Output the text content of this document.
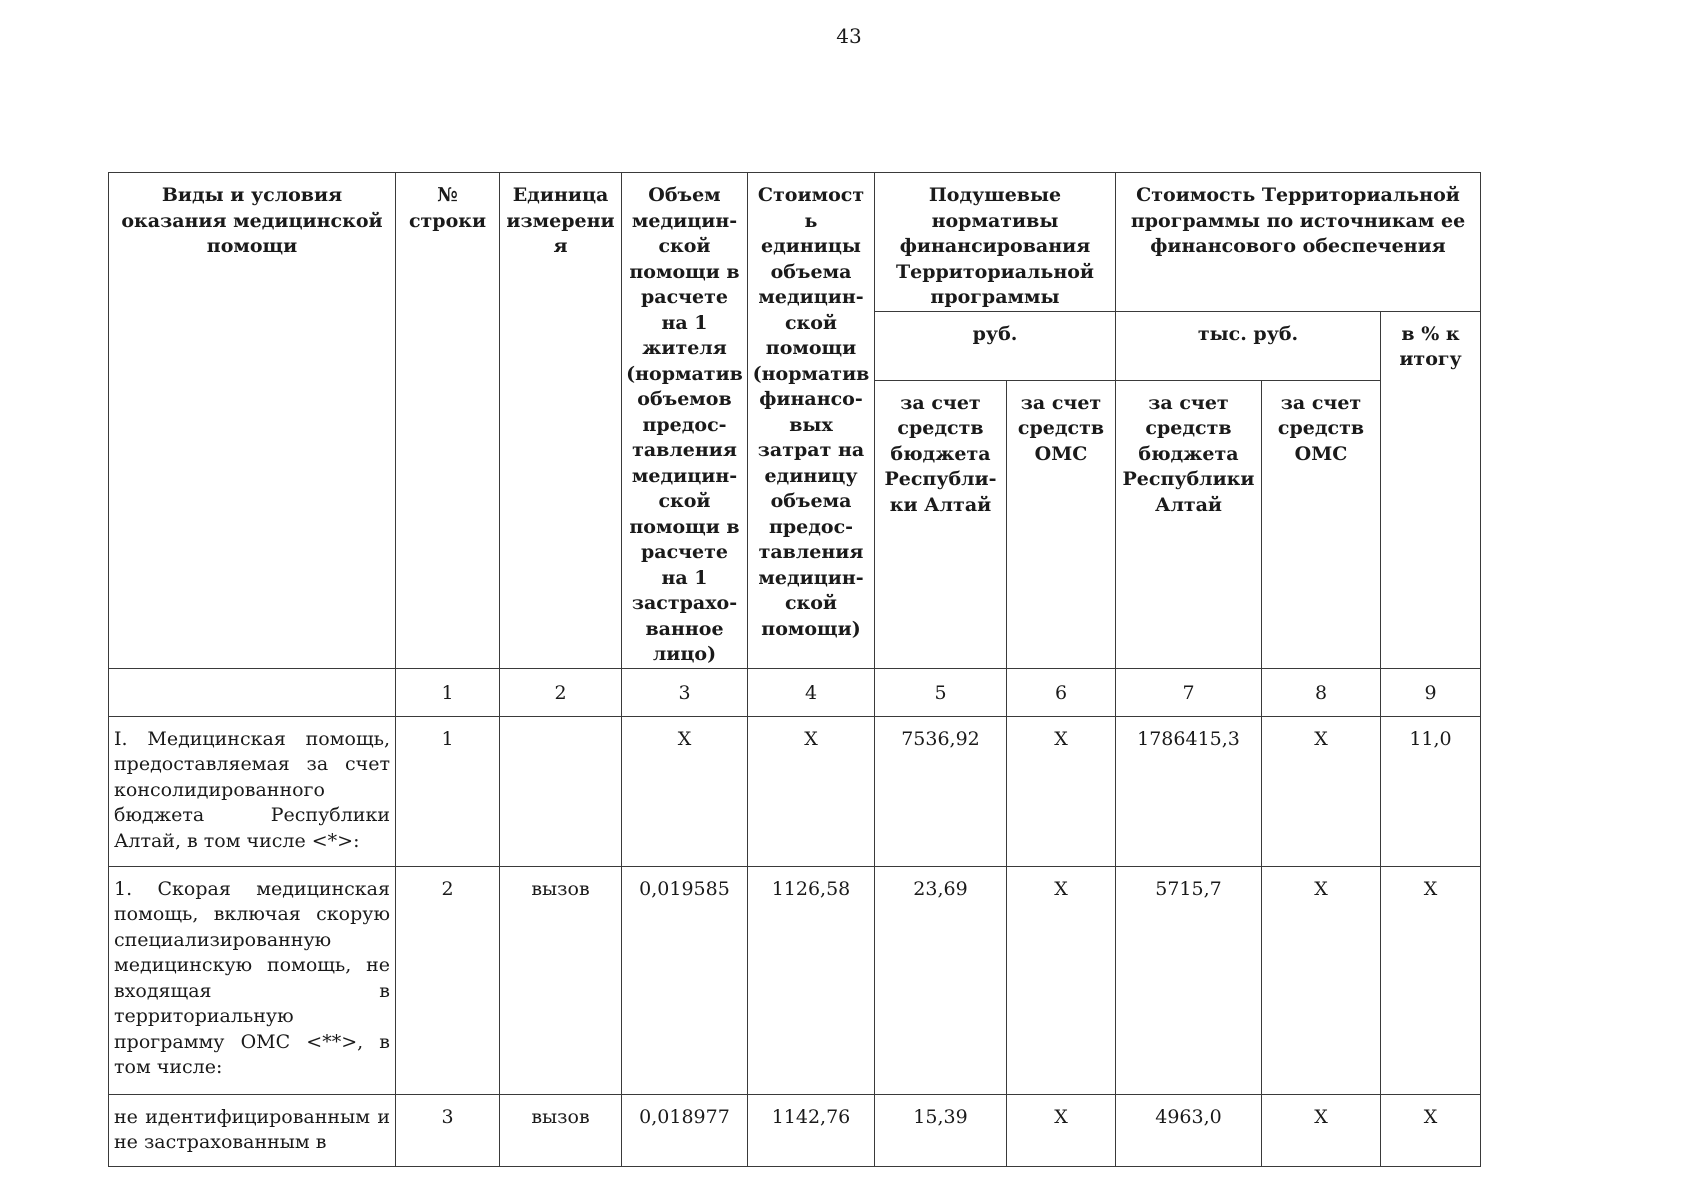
43
Виды и условия оказания медицинской помощи	№ строки	Единица измерения	Объем медицин-ской помощи в расчете на 1 жителя (норматив объемов предос-тавления медицин-ской помощи в расчете на 1 застрахо-ванное лицо)	Стоимость единицы объема медицин-ской помощи (норматив финансо-вых затрат на единицу объема предос-тавления медицин-ской помощи)	Подушевые нормативы финансирования Территориальной программы		Стоимость Территориальной программы по источникам ее финансового обеспечения		
					руб.		тыс. руб.		в % к итогу
					за счет средств бюджета Республи-ки Алтай	за счет средств ОМС	за счет средств бюджета Республики Алтай	за счет средств ОМС	
	1	2	3	4	5	6	7	8	9
I. Медицинская помощь, предоставляемая за счет консолидированного бюджета Республики Алтай, в том числе <*>:	1		X	X	7536,92	X	1786415,3	X	11,0
1. Скорая медицинская помощь, включая скорую специализированную медицинскую помощь, не входящая в территориальную программу ОМС <**>, в том числе:	2	вызов	0,019585	1126,58	23,69	X	5715,7	X	X
не идентифицированным и не застрахованным в	3	вызов	0,018977	1142,76	15,39	X	4963,0	X	X
